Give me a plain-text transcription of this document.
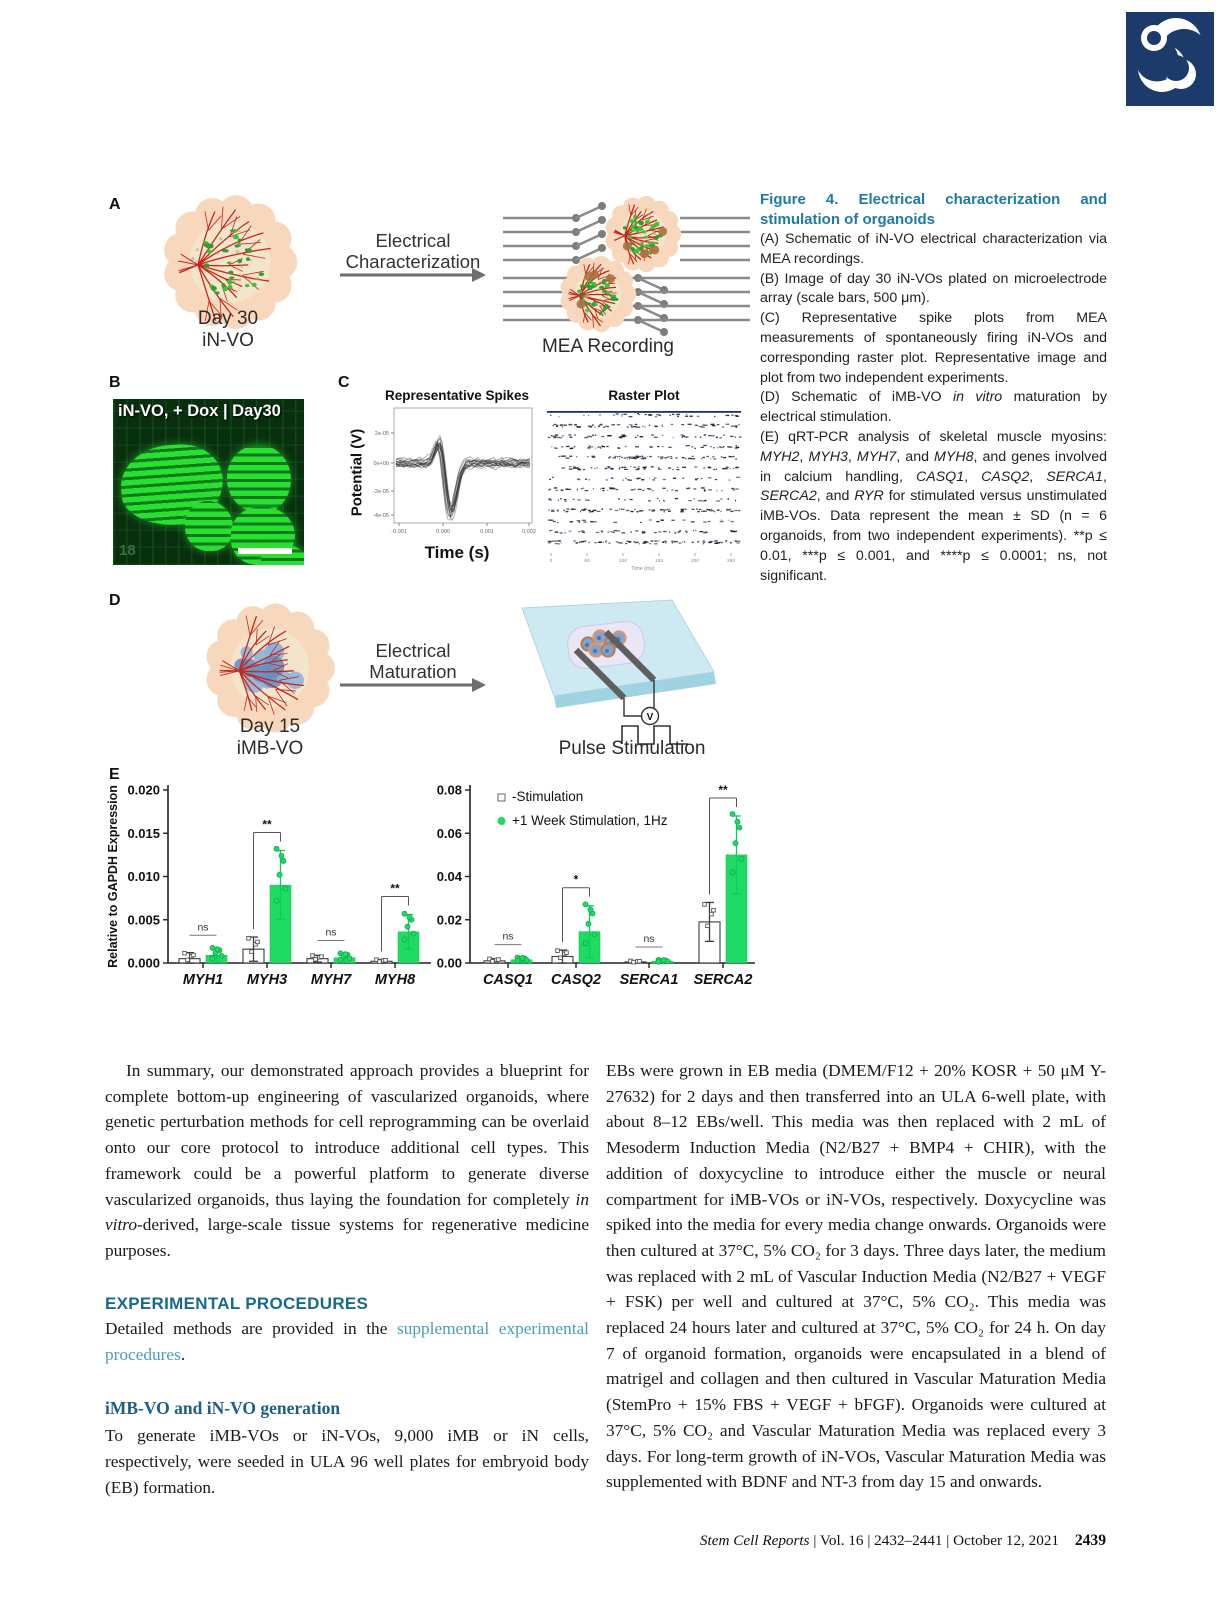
A
B	C
D
E
Day 30
iN-VO
Electrical
Characterization
MEA Recording
iN-VO, + Dox | Day30
18
Representative Spikes	Raster Plot
Potential (V) 2e-05
0e+00
-2e-05
-4e-05
-0.001	0.000	0.001	0.002
Time (s)	0	50	100	150	200	250
Time (ms)
Day 15
iMB-VO
Electrical
Maturation
V
Pulse Stimulation
0.000
0.005
0.010
0.015
0.020
MYH1 MYH3 MYH7 MYH8
Relative to GAPDH Expression	ns
**
ns
**
0.00
0.02
0.04
0.06
0.08
CASQ1 CASQ2 SERCA1 SERCA2
ns
*
ns
**
-Stimulation
+1 Week Stimulation, 1Hz
Figure 4. Electrical characterization and stimulation of organoids

(A) Schematic of iN-VO electrical characterization via MEA recordings.

(B) Image of day 30 iN-VOs plated on microelectrode array (scale bars, 500 μm).

(C) Representative spike plots from MEA measurements of spontaneously firing iN-VOs and corresponding raster plot. Representative image and plot from two independent experiments.

(D) Schematic of iMB-VO in vitro maturation by electrical stimulation.

(E) qRT-PCR analysis of skeletal muscle myosins: MYH2, MYH3, MYH7, and MYH8, and genes involved in calcium handling, CASQ1, CASQ2, SERCA1, SERCA2, and RYR for stimulated versus unstimulated iMB-VOs. Data represent the mean ± SD (n = 6 organoids, from two independent experiments). **p ≤ 0.01, ***p ≤ 0.001, and ****p ≤ 0.0001; ns, not significant.

In summary, our demonstrated approach provides a blueprint for complete bottom-up engineering of vascularized organoids, where genetic perturbation methods for cell reprogramming can be overlaid onto our core protocol to introduce additional cell types. This framework could be a powerful platform to generate diverse vascularized organoids, thus laying the foundation for completely in vitro-derived, large-scale tissue systems for regenerative medicine purposes.

EXPERIMENTAL PROCEDURES

Detailed methods are provided in the supplemental experimental procedures.

iMB-VO and iN-VO generation

To generate iMB-VOs or iN-VOs, 9,000 iMB or iN cells, respectively, were seeded in ULA 96 well plates for embryoid body (EB) formation.

EBs were grown in EB media (DMEM/F12 + 20% KOSR + 50 μM Y-27632) for 2 days and then transferred into an ULA 6-well plate, with about 8–12 EBs/well. This media was then replaced with 2 mL of Mesoderm Induction Media (N2/B27 + BMP4 + CHIR), with the addition of doxycycline to introduce either the muscle or neural compartment for iMB-VOs or iN-VOs, respectively. Doxycycline was spiked into the media for every media change onwards. Organoids were then cultured at 37°C, 5% CO₂ for 3 days. Three days later, the medium was replaced with 2 mL of Vascular Induction Media (N2/B27 + VEGF + FSK) per well and cultured at 37°C, 5% CO₂. This media was replaced 24 hours later and cultured at 37°C, 5% CO₂ for 24 h. On day 7 of organoid formation, organoids were encapsulated in a blend of matrigel and collagen and then cultured in Vascular Maturation Media (StemPro + 15% FBS + VEGF + bFGF). Organoids were cultured at 37°C, 5% CO₂ and Vascular Maturation Media was replaced every 3 days. For long-term growth of iN-VOs, Vascular Maturation Media was supplemented with BDNF and NT-3 from day 15 and onwards.

Stem Cell Reports | Vol. 16 | 2432–2441 | October 12, 2021 2439
